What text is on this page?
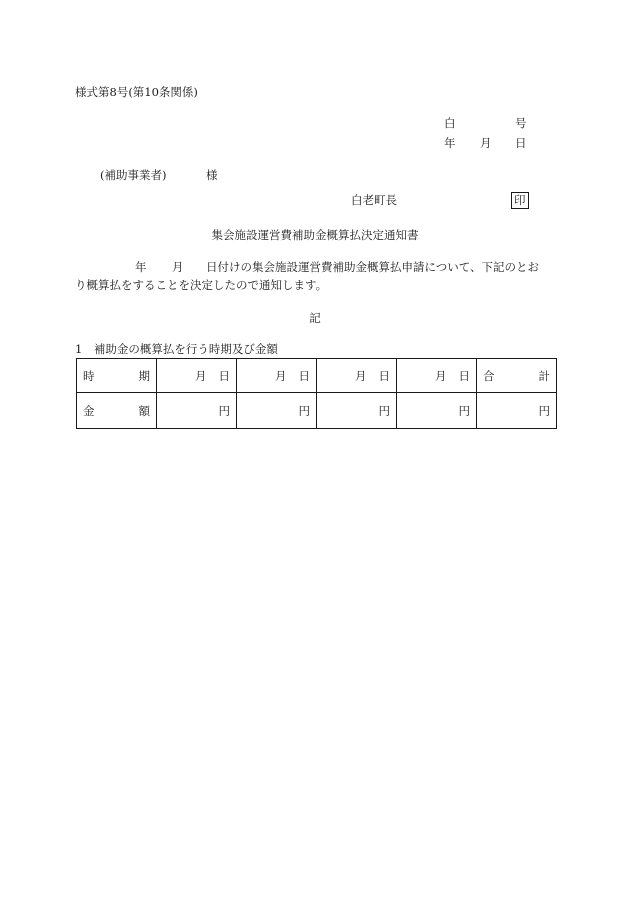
様式第8号(第10条関係)
白	号
年 月 日
(補助事業者)	様
白老町長	印
集会施設運営費補助金概算払決定通知書
年 月 日付けの集会施設運営費補助金概算払申請について、下記のとお
り概算払をすることを決定したので通知します。
記
1　補助金の概算払を行う時期及び金額
時 期	月 日	月 日	月 日	月 日	合 計

金 額	円	円	円	円	円
